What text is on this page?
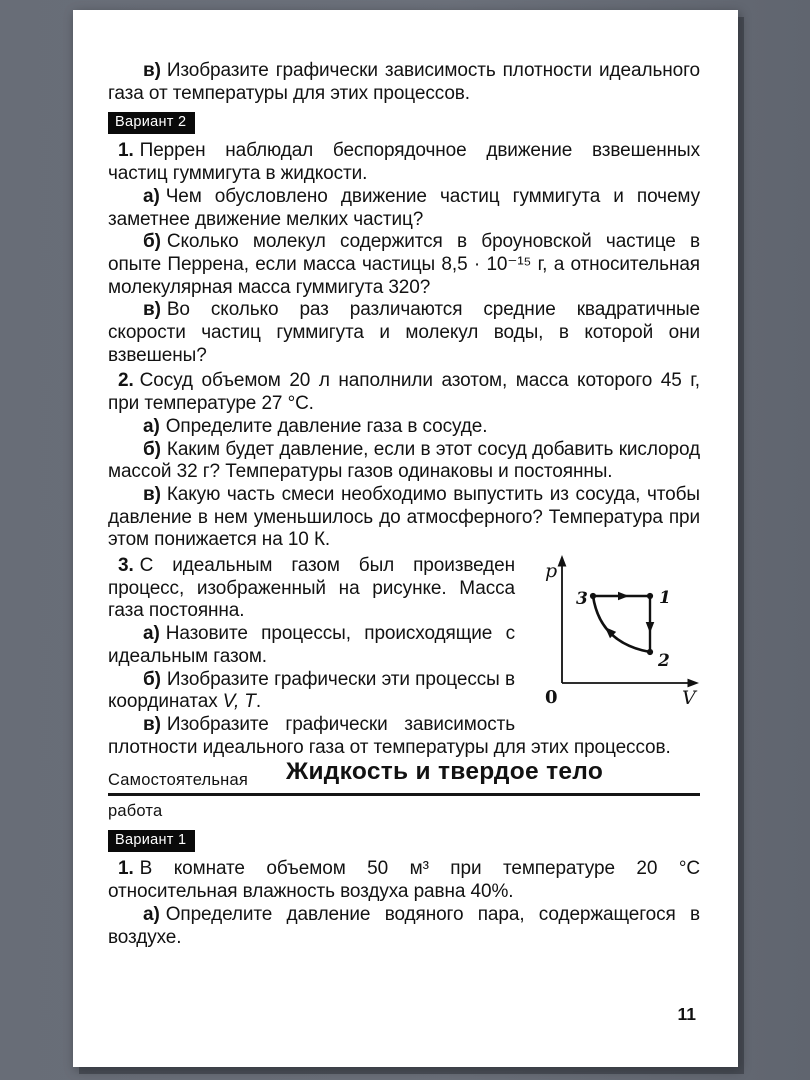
в) Изобразите графически зависимость плотности идеального газа от температуры для этих процессов.

Вариант 2

1. Перрен наблюдал беспорядочное движение взвешенных частиц гуммигута в жидкости.

а) Чем обусловлено движение частиц гуммигута и почему заметнее движение мелких частиц?

б) Сколько молекул содержится в броуновской частице в опыте Перрена, если масса частицы 8,5 · 10⁻¹⁵ г, а относительная молекулярная масса гуммигута 320?

в) Во сколько раз различаются средние квадратичные скорости частиц гуммигута и молекул воды, в которой они взвешены?

2. Сосуд объемом 20 л наполнили азотом, масса которого 45 г, при температуре 27 °С.

а) Определите давление газа в сосуде.

б) Каким будет давление, если в этот сосуд добавить кислород массой 32 г? Температуры газов одинаковы и постоянны.

в) Какую часть смеси необходимо выпустить из сосуда, чтобы давление в нем уменьшилось до атмосферного? Температура при этом понижается на 10 К.

p
0	V
3	1
2

3. С идеальным газом был произведен процесс, изображенный на рисунке. Масса газа постоянна.

а) Назовите процессы, происходящие с идеальным газом.

б) Изобразите графически эти процессы в координатах V, T.

в) Изобразите графически зависимость плотности идеального газа от температуры для этих процессов.

Самостоятельная Жидкость и твердое тело
работа
Вариант 1

1. В комнате объемом 50 м³ при температуре 20 °С относительная влажность воздуха равна 40%.

а) Определите давление водяного пара, содержащегося в воздухе.

11
